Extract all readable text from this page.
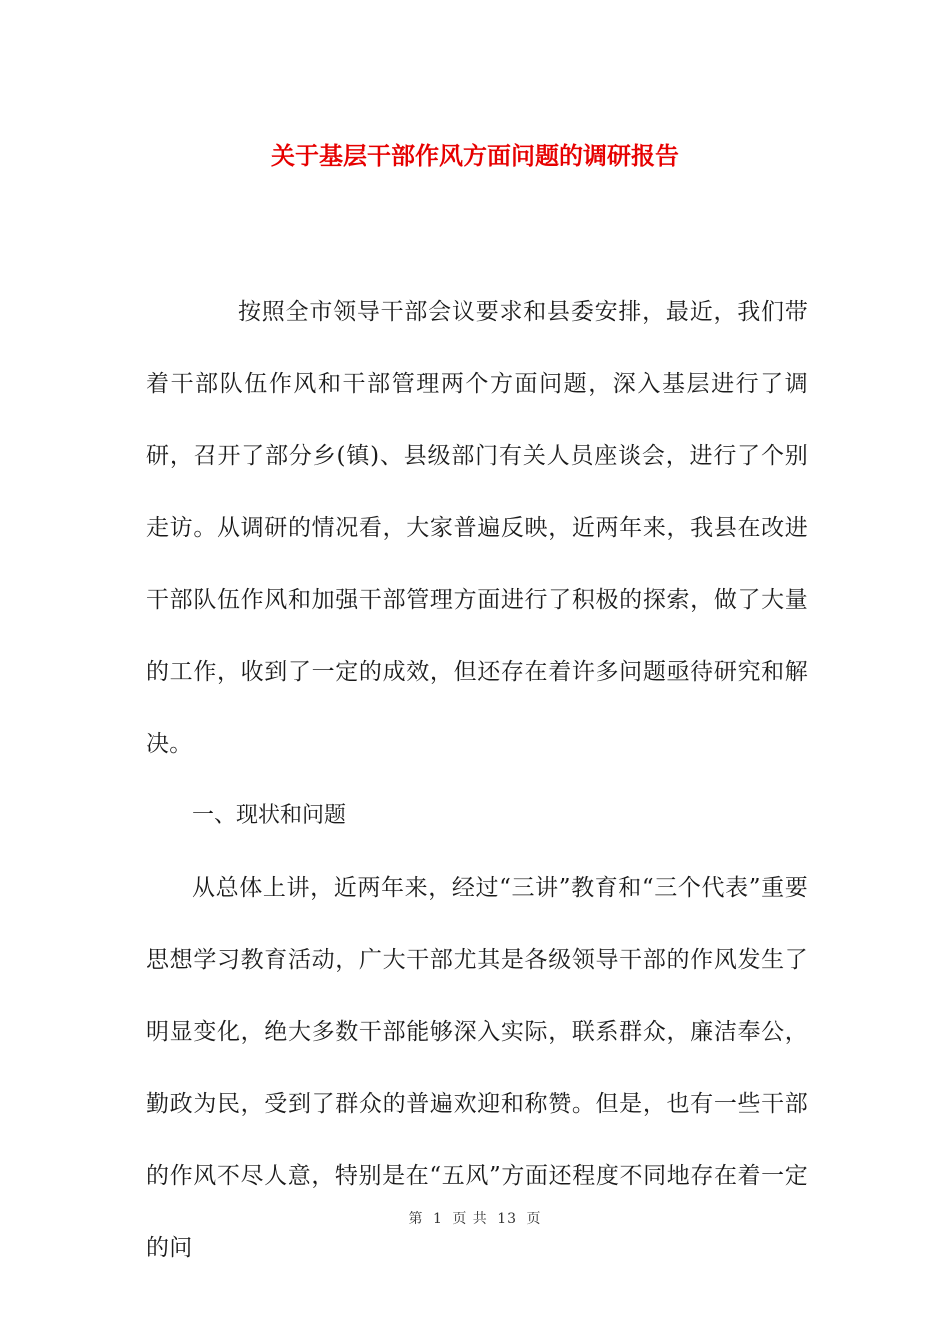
关于基层干部作风方面问题的调研报告

按照全市领导干部会议要求和县委安排，最近，我们带着干部队伍作风和干部管理两个方面问题，深入基层进行了调研，召开了部分乡(镇)、县级部门有关人员座谈会，进行了个别走访。从调研的情况看，大家普遍反映，近两年来，我县在改进干部队伍作风和加强干部管理方面进行了积极的探索，做了大量的工作，收到了一定的成效，但还存在着许多问题亟待研究和解决。

一、现状和问题

从总体上讲，近两年来，经过“三讲”教育和“三个代表”重要思想学习教育活动，广大干部尤其是各级领导干部的作风发生了明显变化，绝大多数干部能够深入实际，联系群众，廉洁奉公，勤政为民，受到了群众的普遍欢迎和称赞。但是，也有一些干部的作风不尽人意，特别是在“五风”方面还程度不同地存在着一定的问

第 1 页 共 13 页
